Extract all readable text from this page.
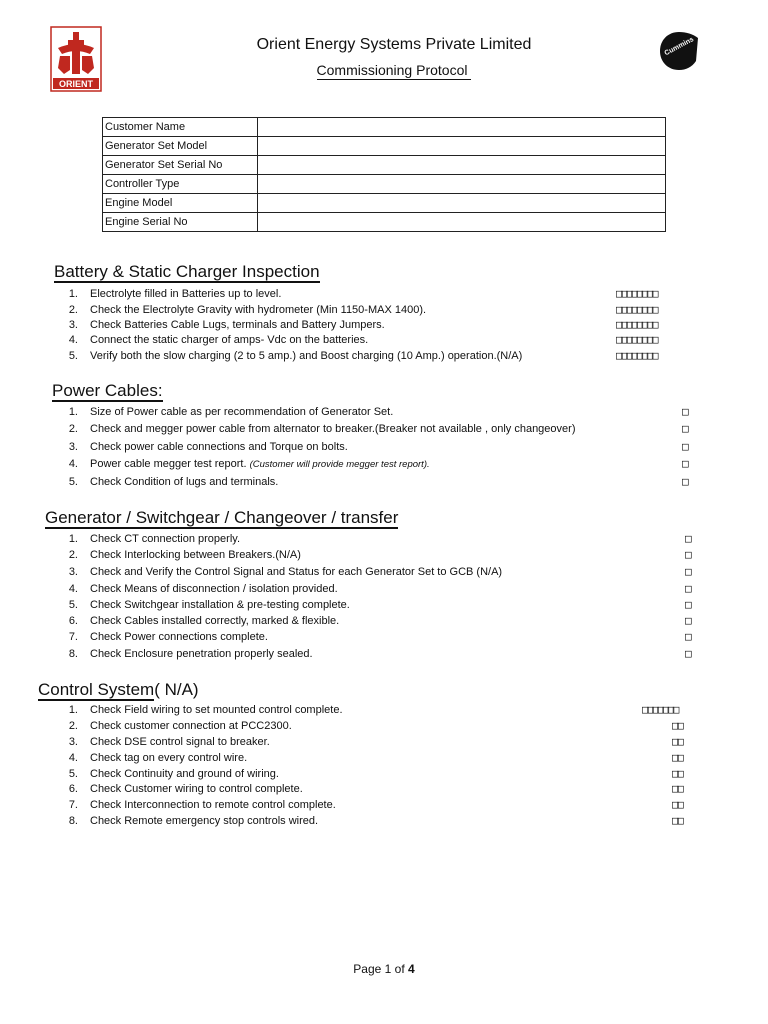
ORIENT
Orient Energy Systems Private Limited
Commissioning Protocol
Cummins
Customer Name	
Generator Set Model	
Generator Set Serial No	
Controller Type	
Engine Model	
Engine Serial No	
Battery & Static Charger Inspection
1. Electrolyte filled in Batteries up to level.	□□□□□□□□
2. Check the Electrolyte Gravity with hydrometer (Min 1150-MAX 1400).	□□□□□□□□
3. Check Batteries Cable Lugs, terminals and Battery Jumpers.	□□□□□□□□
4. Connect the static charger of amps- Vdc on the batteries.	□□□□□□□□
5. Verify both the slow charging (2 to 5 amp.) and Boost charging (10 Amp.) operation.(N/A)	□□□□□□□□
Power Cables:
1. Size of Power cable as per recommendation of Generator Set.	□
2. Check and megger power cable from alternator to breaker.(Breaker not available , only changeover)	□
3. Check power cable connections and Torque on bolts.	□
4. Power cable megger test report. (Customer will provide megger test report).	□
5. Check Condition of lugs and terminals.	□
Generator / Switchgear / Changeover / transfer
1. Check CT connection properly.	□
2. Check Interlocking between Breakers.(N/A)	□
3. Check and Verify the Control Signal and Status for each Generator Set to GCB (N/A)	□
4. Check Means of disconnection / isolation provided.	□
5. Check Switchgear installation & pre-testing complete.	□
6. Check Cables installed correctly, marked & flexible.	□
7. Check Power connections complete.	□
8. Check Enclosure penetration properly sealed.	□
Control System( N/A)
1. Check Field wiring to set mounted control complete.	□□□□□□□
2. Check customer connection at PCC2300.	□□
3. Check DSE control signal to breaker.	□□
4. Check tag on every control wire.	□□
5. Check Continuity and ground of wiring.	□□
6. Check Customer wiring to control complete.	□□
7. Check Interconnection to remote control complete.	□□
8. Check Remote emergency stop controls wired.	□□
Page 1 of 4
